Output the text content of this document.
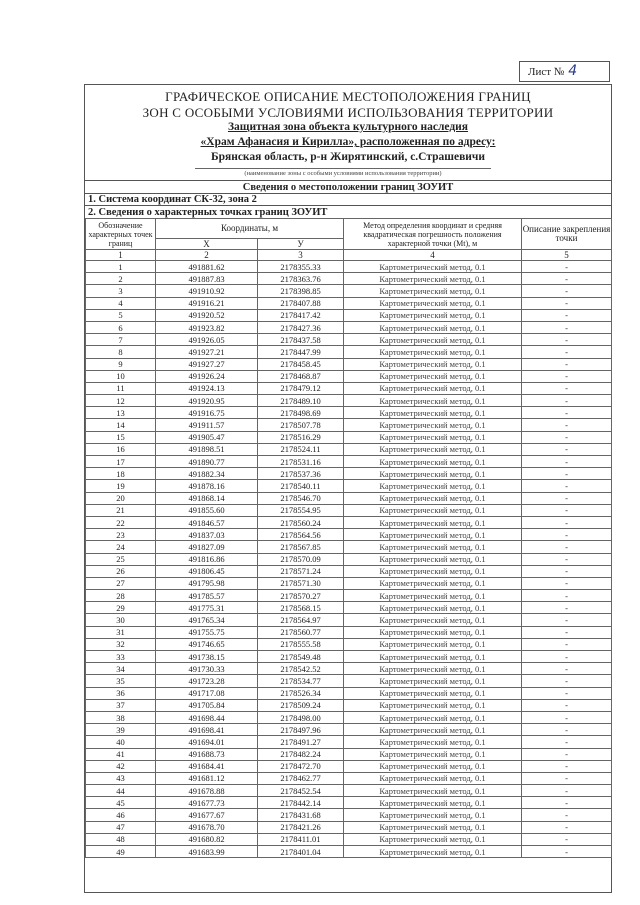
Лист № 4
ГРАФИЧЕСКОЕ ОПИСАНИЕ МЕСТОПОЛОЖЕНИЯ ГРАНИЦ
ЗОН С ОСОБЫМИ УСЛОВИЯМИ ИСПОЛЬЗОВАНИЯ ТЕРРИТОРИИ
Защитная зона объекта культурного наследия
«Храм Афанасия и Кирилла», расположенная по адресу:
Брянская область, р-н Жирятинский, с.Страшевичи
(наименование зоны с особыми условиями использования территории)
Сведения о местоположении границ ЗОУИТ
1. Система координат СК-32, зона 2
2. Сведения о характерных точках границ ЗОУИТ
Обозначение характерных точек границ	Координаты, м		Метод определения координат и средняя квадратическая погрешность положения характерной точки (Мt), м	Описание закрепления точки
	Х	У		
1	2	3	4	5
1	491881.62	2178355.33	Картометрический метод, 0.1	-
2	491887.83	2178363.76	Картометрический метод, 0.1	-
3	491910.92	2178398.85	Картометрический метод, 0.1	-
4	491916.21	2178407.88	Картометрический метод, 0.1	-
5	491920.52	2178417.42	Картометрический метод, 0.1	-
6	491923.82	2178427.36	Картометрический метод, 0.1	-
7	491926.05	2178437.58	Картометрический метод, 0.1	-
8	491927.21	2178447.99	Картометрический метод, 0.1	-
9	491927.27	2178458.45	Картометрический метод, 0.1	-
10	491926.24	2178468.87	Картометрический метод, 0.1	-
11	491924.13	2178479.12	Картометрический метод, 0.1	-
12	491920.95	2178489.10	Картометрический метод, 0.1	-
13	491916.75	2178498.69	Картометрический метод, 0.1	-
14	491911.57	2178507.78	Картометрический метод, 0.1	-
15	491905.47	2178516.29	Картометрический метод, 0.1	-
16	491898.51	2178524.11	Картометрический метод, 0.1	-
17	491890.77	2178531.16	Картометрический метод, 0.1	-
18	491882.34	2178537.36	Картометрический метод, 0.1	-
19	491878.16	2178540.11	Картометрический метод, 0.1	-
20	491868.14	2178546.70	Картометрический метод, 0.1	-
21	491855.60	2178554.95	Картометрический метод, 0.1	-
22	491846.57	2178560.24	Картометрический метод, 0.1	-
23	491837.03	2178564.56	Картометрический метод, 0.1	-
24	491827.09	2178567.85	Картометрический метод, 0.1	-
25	491816.86	2178570.09	Картометрический метод, 0.1	-
26	491806.45	2178571.24	Картометрический метод, 0.1	-
27	491795.98	2178571.30	Картометрический метод, 0.1	-
28	491785.57	2178570.27	Картометрический метод, 0.1	-
29	491775.31	2178568.15	Картометрический метод, 0.1	-
30	491765.34	2178564.97	Картометрический метод, 0.1	-
31	491755.75	2178560.77	Картометрический метод, 0.1	-
32	491746.65	2178555.58	Картометрический метод, 0.1	-
33	491738.15	2178549.48	Картометрический метод, 0.1	-
34	491730.33	2178542.52	Картометрический метод, 0.1	-
35	491723.28	2178534.77	Картометрический метод, 0.1	-
36	491717.08	2178526.34	Картометрический метод, 0.1	-
37	491705.84	2178509.24	Картометрический метод, 0.1	-
38	491698.44	2178498.00	Картометрический метод, 0.1	-
39	491698.41	2178497.96	Картометрический метод, 0.1	-
40	491694.01	2178491.27	Картометрический метод, 0.1	-
41	491688.73	2178482.24	Картометрический метод, 0.1	-
42	491684.41	2178472.70	Картометрический метод, 0.1	-
43	491681.12	2178462.77	Картометрический метод, 0.1	-
44	491678.88	2178452.54	Картометрический метод, 0.1	-
45	491677.73	2178442.14	Картометрический метод, 0.1	-
46	491677.67	2178431.68	Картометрический метод, 0.1	-
47	491678.70	2178421.26	Картометрический метод, 0.1	-
48	491680.82	2178411.01	Картометрический метод, 0.1	-
49	491683.99	2178401.04	Картометрический метод, 0.1	-
